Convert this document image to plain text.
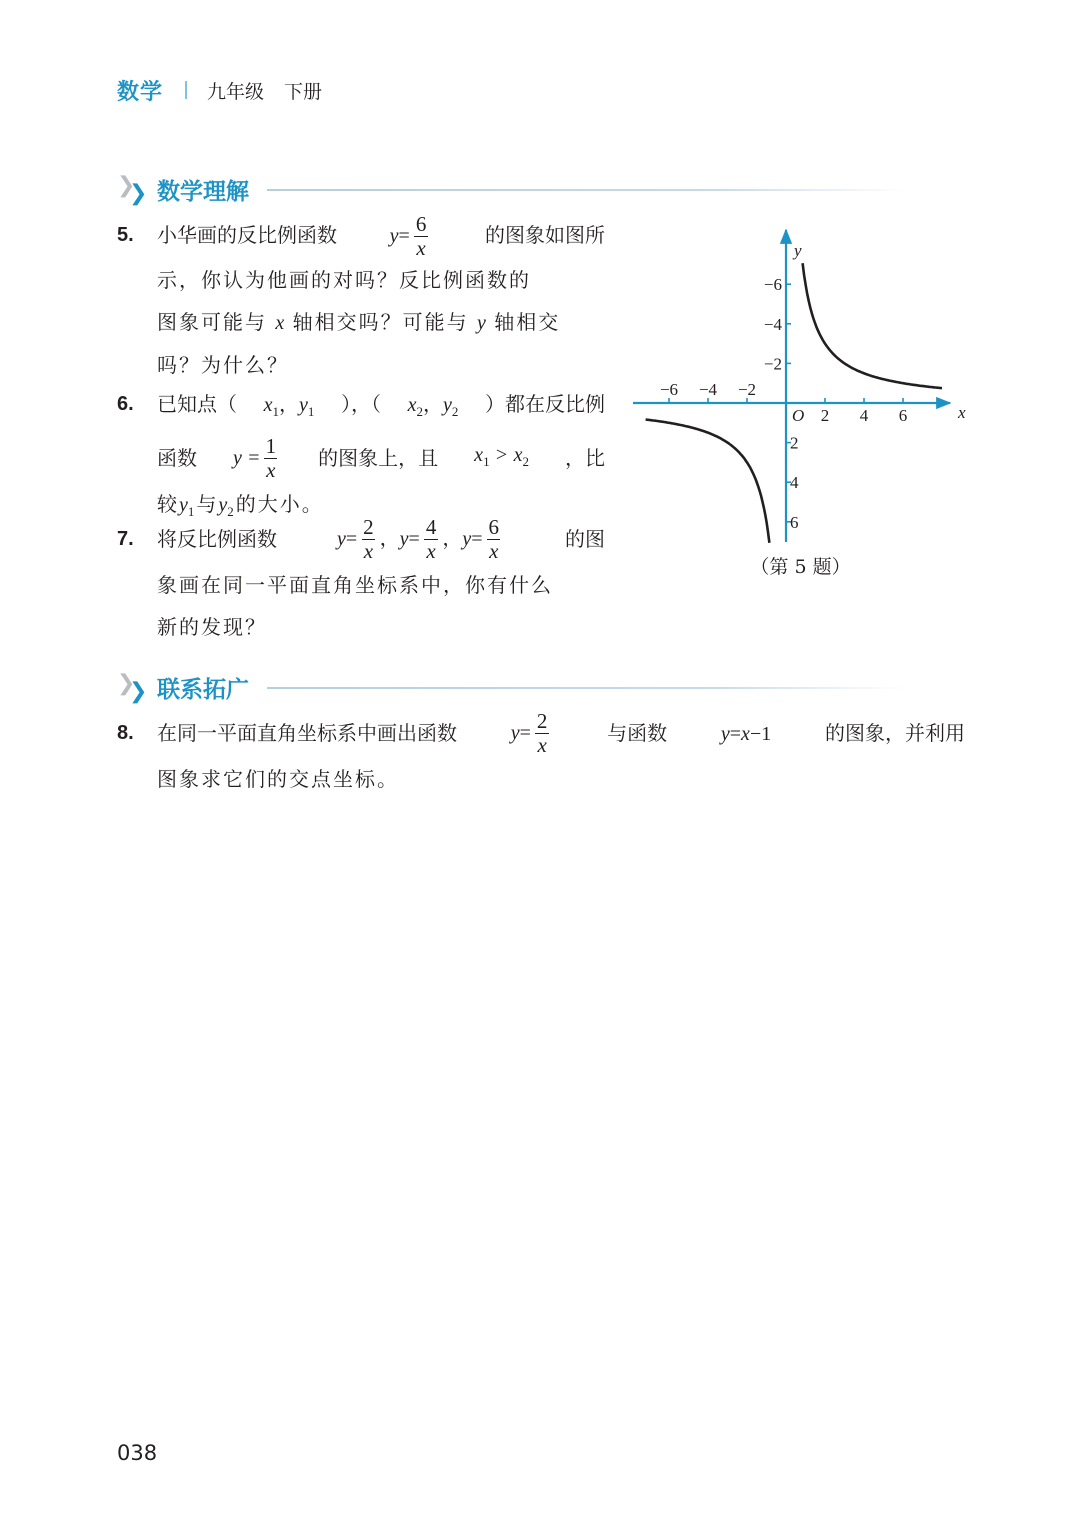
数学 九年级 下册
❯
❯ 数学理解
5. 小华画的反比例函数	$y= \frac{6}{x}$	的图象如图所
示，你认为他画的对吗？反比例函数的
图象可能与 x 轴相交吗？可能与 y 轴相交
吗？为什么？
6. 已知点（ $x_1$，$y_1$ ），（ $x_2$，$y_2$ ）都在反比例
函数 $y = \frac{1}{x}$ 的图象上，且 $x_1 > x_2$ ，比
较$y_1$与$y_2$的大小。
7. 将反比例函数	$y= \frac{2}{x}$ ，$y= \frac{4}{x}$ ，$y= \frac{6}{x}$	的图
象画在同一平面直角坐标系中，你有什么
新的发现？
−6 −4 −2
2 4 6
6
4
2
−2
−4
−6
x
y
O
（第 5 题）
❯
❯ 联系拓广
8. 在同一平面直角坐标系中画出函数	$y= \frac{2}{x}$	与函数	y=x−1	的图象，并利用
图象求它们的交点坐标。
038
